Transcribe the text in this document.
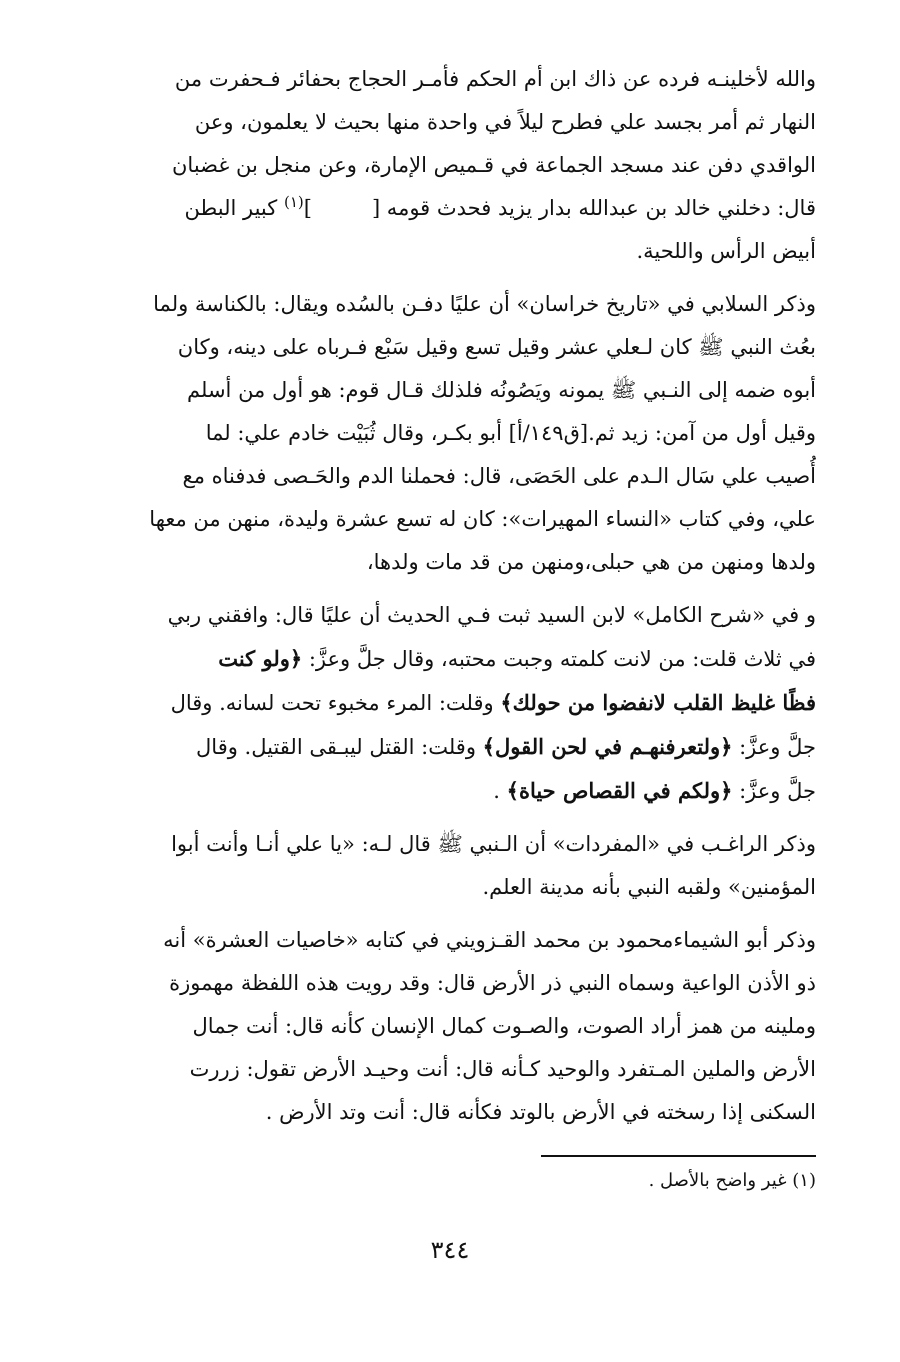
والله لأخلينـه فرده عن ذاك ابن أم الحكم فأمـر الحجاج بحفائر فـحفرت من
النهار ثم أمر بجسد علي فطرح ليلاً في واحدة منها بحيث لا يعلمون، وعن
الواقدي دفن عند مسجد الجماعة في قـميص الإمارة، وعن منجل بن غضبان
قال: دخلني خالد بن عبدالله بدار يزيد فحدث قومه []$^{(١)}$ كبير البطن
أبيض الرأس واللحية.
وذكر السلابي في «تاريخ خراسان» أن عليًا دفـن بالسُده ويقال: بالكناسة ولما
بعُث النبي ﷺ كان لـعلي عشر وقيل تسع وقيل سَبْع فـرباه على دينه، وكان
أبوه ضمه إلى النـبي ﷺ يمونه ويَصُونُه فلذلك قـال قوم: هو أول من أسلم
وقيل أول من آمن: زيد ثم.[ق١٤٩/أ] أبو بكـر، وقال ثُبَيْت خادم علي: لما
أُصيب علي سَال الـدم على الحَصَى، قال: فحملنا الدم والحَـصى فدفناه مع
علي، وفي كتاب «النساء المهيرات»: كان له تسع عشرة وليدة، منهن من معها
ولدها ومنهن من هي حبلى،ومنهن من قد مات ولدها،
و في «شرح الكامل» لابن السيد ثبت فـي الحديث أن عليًا قال: وافقني ربي
في ثلاث قلت: من لانت كلمته وجبت محتبه، وقال جلَّ وعزَّ: ﴿ولو كنت
فظًا غليظ القلب لانفضوا من حولك﴾ وقلت: المرء مخبوء تحت لسانه. وقال
جلَّ وعزَّ: ﴿ولتعرفنهـم في لحن القول﴾ وقلت: القتل ليبـقى القتيل. وقال
جلَّ وعزَّ: ﴿ولكم في القصاص حياة﴾ .
وذكر الراغـب في «المفردات» أن الـنبي ﷺ قال لـه: «يا علي أنـا وأنت أبوا
المؤمنين» ولقبه النبي بأنه مدينة العلم.
وذكر أبو الشيماءمحمود بن محمد القـزويني في كتابه «خاصيات العشرة» أنه
ذو الأذن الواعية وسماه النبي ذر الأرض قال: وقد رويت هذه اللفظة مهموزة
وملينه من همز أراد الصوت، والصـوت كمال الإنسان كأنه قال: أنت جمال
الأرض والملين المـتفرد والوحيد كـأنه قال: أنت وحيـد الأرض تقول: زررت
السكنى إذا رسخته في الأرض بالوتد فكأنه قال: أنت وتد الأرض .
(١) غير واضح بالأصل .
٣٤٤
